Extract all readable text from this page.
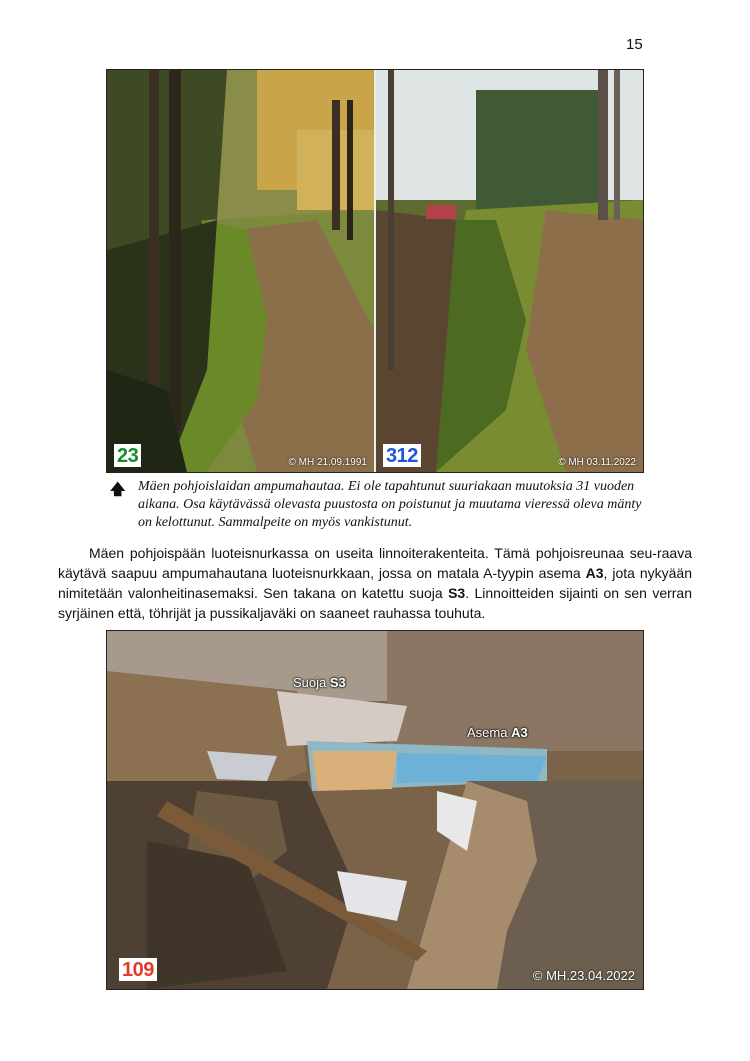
15
23	© MH 21.09.1991 312	© MH 03.11.2022
🡅 Mäen pohjoislaidan ampumahautaa. Ei ole tapahtunut suuriakaan muutoksia 31 vuoden aikana. Osa käytävässä olevasta puustosta on poistunut ja muutama vieressä oleva mänty on kelottunut. Sammalpeite on myös vankistunut.

Mäen pohjoispään luoteisnurkassa on useita linnoiterakenteita. Tämä pohjoisreunaa seu-raava käytävä saapuu ampumahautana luoteisnurkkaan, jossa on matala A-tyypin asema A3, jota nykyään nimitetään valonheitinasemaksi. Sen takana on katettu suoja S3. Linnoitteiden sijainti on sen verran syrjäinen että, töhrijät ja pussikaljaväki on saaneet rauhassa touhuta.

Suoja S3
Asema A3
109	© MH.23.04.2022
